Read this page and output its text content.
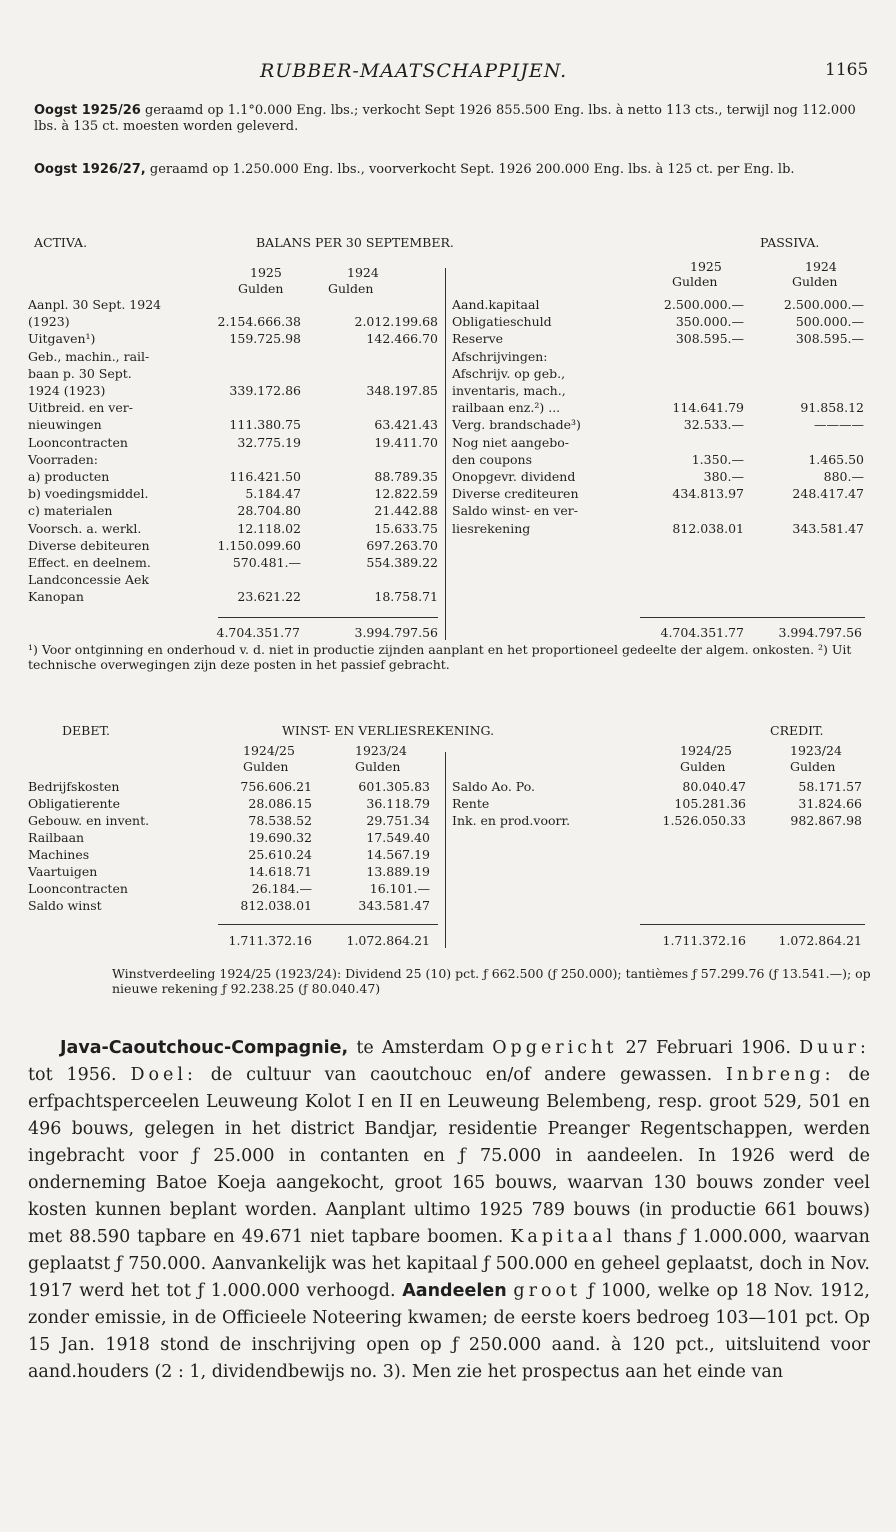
RUBBER-MAATSCHAPPIJEN.	1165
Oogst 1925/26 geraamd op 1.1°0.000 Eng. lbs.; verkocht Sept 1926 855.500 Eng. lbs. à netto 113 cts., terwijl nog 112.000 lbs. à 135 ct. moesten worden geleverd.
Oogst 1926/27, geraamd op 1.250.000 Eng. lbs., voorverkocht Sept. 1926 200.000 Eng. lbs. à 125 ct. per Eng. lb.
ACTIVA.	BALANS PER 30 SEPTEMBER.	PASSIVA.
1925	1924
Gulden	Gulden
1925	1924
Gulden	Gulden
Aanpl. 30 Sept. 1924
(1923)	2.154.666.38	2.012.199.68
Uitgaven¹)	159.725.98	142.466.70
Geb., machin., rail-
baan p. 30 Sept.
1924 (1923)	339.172.86	348.197.85
Uitbreid. en ver-
nieuwingen	111.380.75	63.421.43
Looncontracten	32.775.19	19.411.70
Voorraden:
a) producten	116.421.50	88.789.35
b) voedingsmiddel.	5.184.47	12.822.59
c) materialen	28.704.80	21.442.88
Voorsch. a. werkl.	12.118.02	15.633.75
Diverse debiteuren	1.150.099.60	697.263.70
Effect. en deelnem.	570.481.—	554.389.22
Landconcessie Aek
Kanopan	23.621.22	18.758.71
Aand.kapitaal	2.500.000.—	2.500.000.—
Obligatieschuld	350.000.—	500.000.—
Reserve	308.595.—	308.595.—
Afschrijvingen:
Afschrijv. op geb.,
inventaris, mach.,
railbaan enz.²) ...	114.641.79	91.858.12
Verg. brandschade³)	32.533.—	————
Nog niet aangebo-
den coupons	1.350.—	1.465.50
Onopgevr. dividend	380.—	880.—
Diverse crediteuren	434.813.97	248.417.47
Saldo winst- en ver-
liesrekening	812.038.01	343.581.47
4.704.351.77	3.994.797.56	4.704.351.77	3.994.797.56
¹) Voor ontginning en onderhoud v. d. niet in productie zijnden aanplant en het proportioneel gedeelte der algem. onkosten. ²) Uit technische overwegingen zijn deze posten in het passief gebracht.
DEBET.	WINST- EN VERLIESREKENING.	CREDIT.
1924/25	1923/24
Gulden	Gulden
1924/25	1923/24
Gulden	Gulden
Bedrijfskosten	756.606.21	601.305.83
Obligatierente	28.086.15	36.118.79
Gebouw. en invent.	78.538.52	29.751.34
Railbaan	19.690.32	17.549.40
Machines	25.610.24	14.567.19
Vaartuigen	14.618.71	13.889.19
Looncontracten	26.184.—	16.101.—
Saldo winst	812.038.01	343.581.47
Saldo Ao. Po.	80.040.47	58.171.57
Rente	105.281.36	31.824.66
Ink. en prod.voorr.	1.526.050.33	982.867.98
1.711.372.16	1.072.864.21	1.711.372.16	1.072.864.21
Winstverdeeling 1924/25 (1923/24): Dividend 25 (10) pct. ƒ 662.500 (ƒ 250.000); tantièmes ƒ 57.299.76 (ƒ 13.541.—); op nieuwe rekening ƒ 92.238.25 (ƒ 80.040.47)
Java-Caoutchouc-Compagnie, te Amsterdam Opgericht 27 Februari 1906. Duur: tot 1956. Doel: de cultuur van caoutchouc en/of andere gewassen. Inbreng: de erfpachtsperceelen Leuweung Kolot I en II en Leuweung Belembeng, resp. groot 529, 501 en 496 bouws, gelegen in het district Bandjar, residentie Preanger Regentschappen, werden ingebracht voor ƒ 25.000 in contanten en ƒ 75.000 in aandeelen. In 1926 werd de onderneming Batoe Koeja aangekocht, groot 165 bouws, waarvan 130 bouws zonder veel kosten kunnen beplant worden. Aanplant ultimo 1925 789 bouws (in productie 661 bouws) met 88.590 tapbare en 49.671 niet tapbare boomen. Kapitaal thans ƒ 1.000.000, waarvan geplaatst ƒ 750.000. Aanvankelijk was het kapitaal ƒ 500.000 en geheel geplaatst, doch in Nov. 1917 werd het tot ƒ 1.000.000 verhoogd. Aandeelen groot ƒ 1000, welke op 18 Nov. 1912, zonder emissie, in de Officieele Noteering kwamen; de eerste koers bedroeg 103—101 pct. Op 15 Jan. 1918 stond de inschrijving open op ƒ 250.000 aand. à 120 pct., uitsluitend voor aand.houders (2 : 1, dividendbewijs no. 3). Men zie het prospectus aan het einde van
